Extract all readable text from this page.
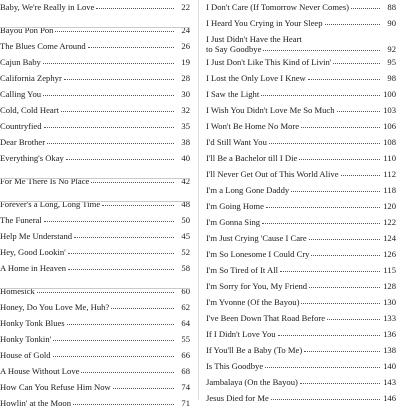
Baby, We're Really in Love	22
Bayou Pon Pon	24
The Blues Come Around	26
Cajun Baby	19
California Zephyr	28
Calling You	30
Cold, Cold Heart	32
Countryfied	35
Dear Brother	38
Everything's Okay	40
For Me There Is No Place	42
Forever's a Long, Long Time	48
The Funeral	50
Help Me Understand	45
Hey, Good Lookin'	52
A Home in Heaven	58
Homesick	60
Honey, Do You Love Me, Huh?	62
Honky Tonk Blues	64
Honky Tonkin'	55
House of Gold	66
A House Without Love	68
How Can You Refuse Him Now	74
Howlin' at the Moon	71
I Don't Care (If Tomorrow Never Comes)	88
I Heard You Crying in Your Sleep	90
I Just Didn't Have the Heart
to Say Goodbye	92
I Just Don't Like This Kind of Livin'	95
I Lost the Only Love I Knew	98
I Saw the Light	100
I Wish You Didn't Love Me So Much	103
I Won't Be Home No More	106
I'd Still Want You	108
I'll Be a Bachelor till I Die	110
I'll Never Get Out of This World Alive	112
I'm a Long Gone Daddy	118
I'm Going Home	120
I'm Gonna Sing	122
I'm Just Crying 'Cause I Care	124
I'm So Lonesome I Could Cry	126
I'm So Tired of It All	115
I'm Sorry for You, My Friend	128
I'm Yvonne (Of the Bayou)	130
I've Been Down That Road Before	133
If I Didn't Love You	136
If You'll Be a Baby (To Me)	138
Is This Goodbye	140
Jambalaya (On the Bayou)	143
Jesus Died for Me	146
